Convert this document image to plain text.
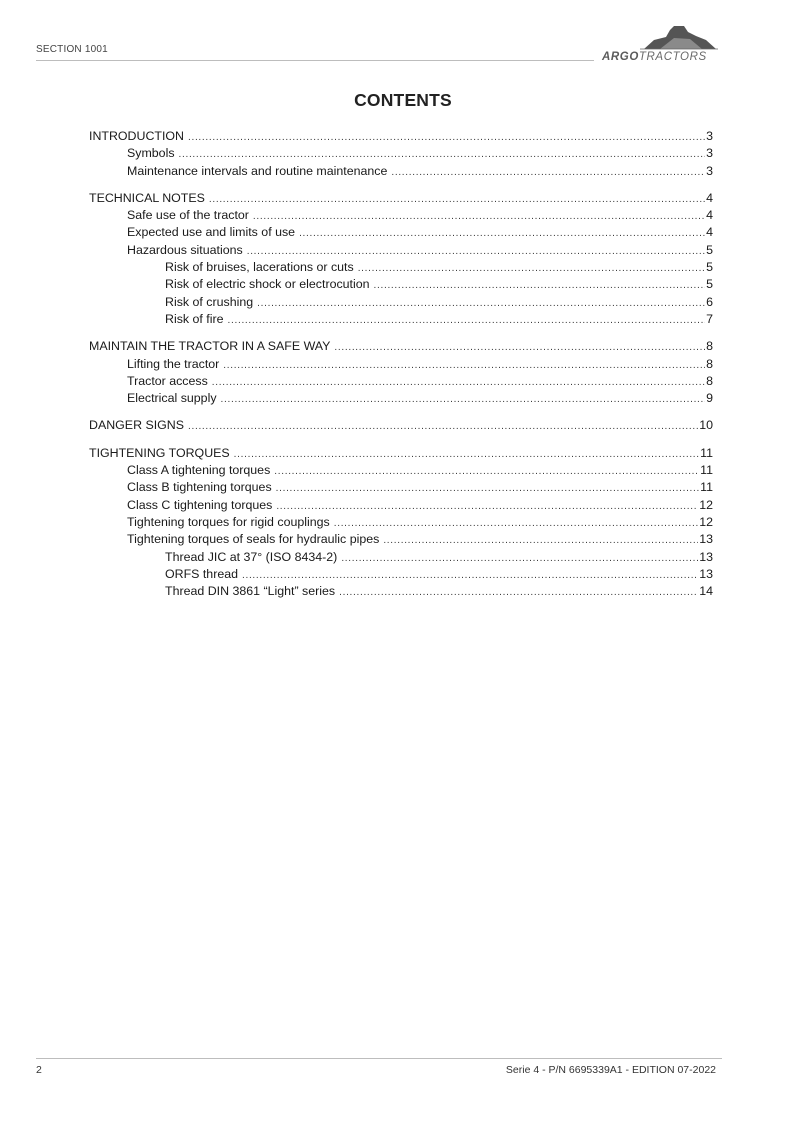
SECTION 1001
ARGOTRACTORS
CONTENTS
INTRODUCTION .....	3
Symbols .....	3
Maintenance intervals and routine maintenance .....	3
TECHNICAL NOTES .....	4
Safe use of the tractor .....	4
Expected use and limits of use .....	4
Hazardous situations .....	5
Risk of bruises, lacerations or cuts .....	5
Risk of electric shock or electrocution .....	5
Risk of crushing .....	6
Risk of fire .....	7
MAINTAIN THE TRACTOR IN A SAFE WAY .....	8
Lifting the tractor .....	8
Tractor access .....	8
Electrical supply .....	9
DANGER SIGNS .....	10
TIGHTENING TORQUES .....	11
Class A tightening torques .....	11
Class B tightening torques .....	11
Class C tightening torques .....	12
Tightening torques for rigid couplings .....	12
Tightening torques of seals for hydraulic pipes .....	13
Thread JIC at 37° (ISO 8434-2) .....	13
ORFS thread .....	13
Thread DIN 3861 “Light” series .....	14
2	Serie 4 - P/N 6695339A1 - EDITION 07-2022
